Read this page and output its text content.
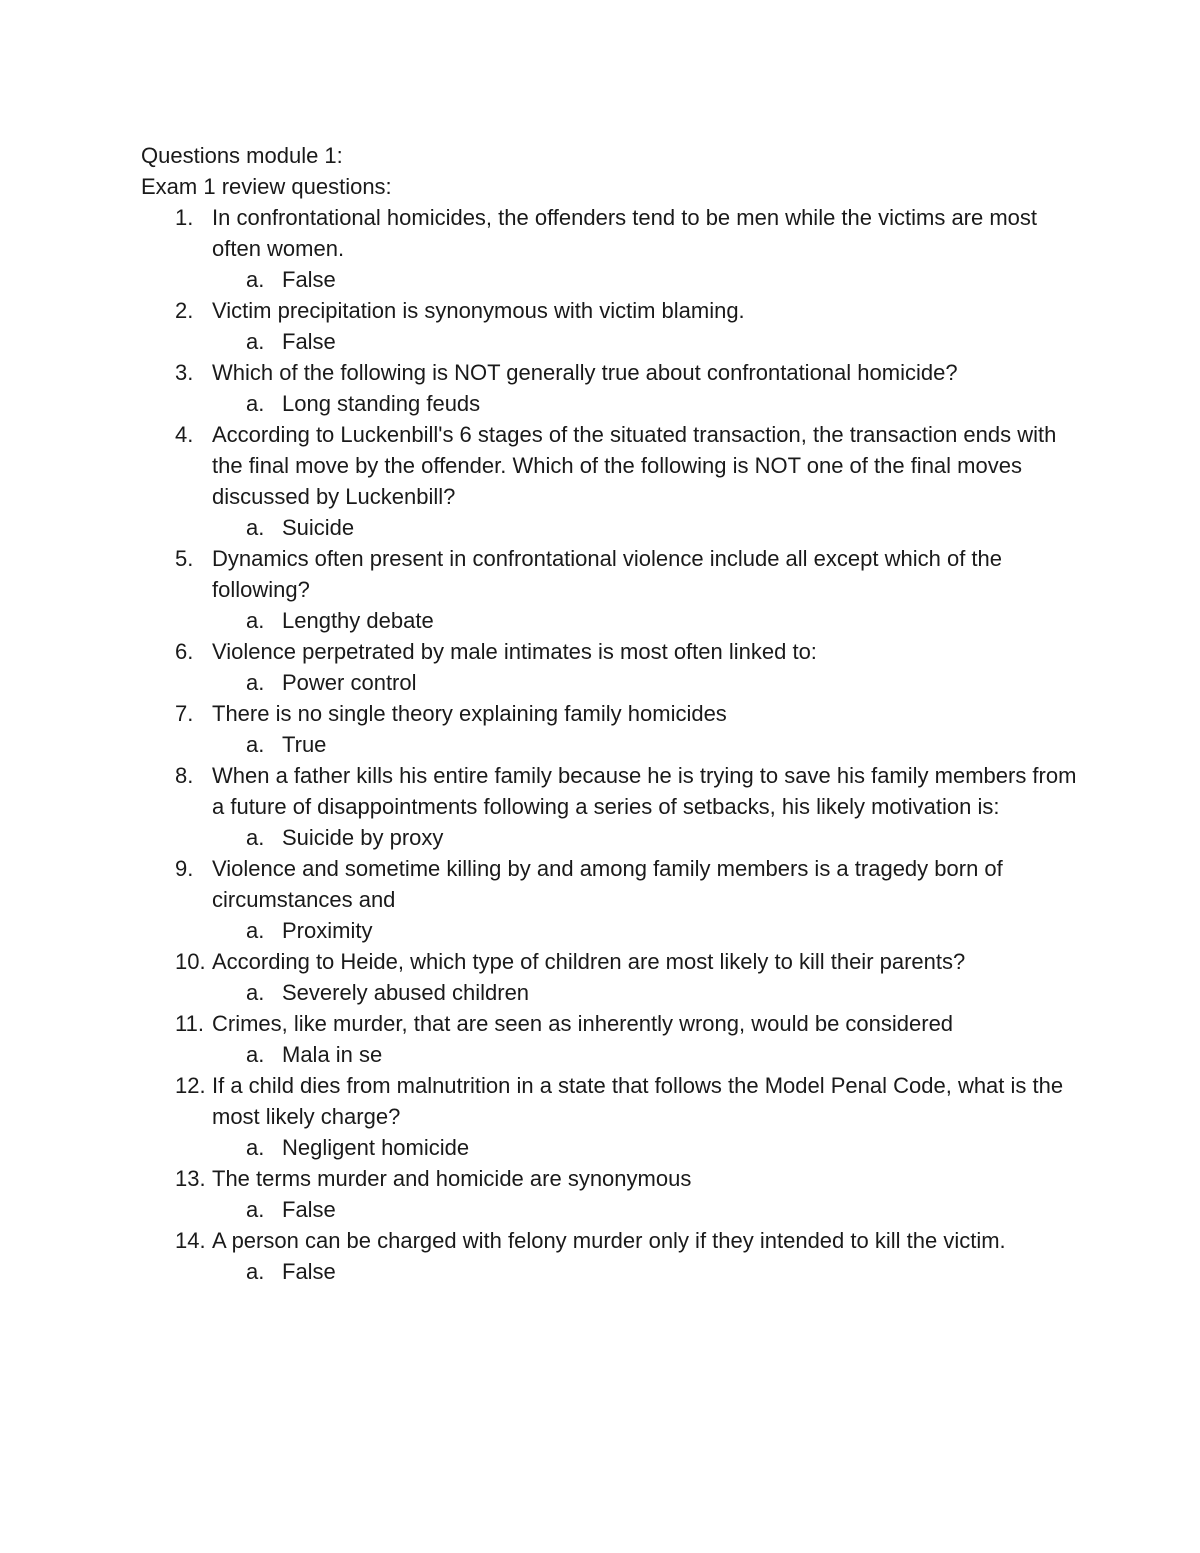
Questions module 1:

Exam 1 review questions:

1. In confrontational homicides, the offenders tend to be men while the victims are most often women.
a. False
2. Victim precipitation is synonymous with victim blaming.
a. False
3. Which of the following is NOT generally true about confrontational homicide?
a. Long standing feuds
4. According to Luckenbill's 6 stages of the situated transaction, the transaction ends with the final move by the offender. Which of the following is NOT one of the final moves discussed by Luckenbill?
a. Suicide
5. Dynamics often present in confrontational violence include all except which of the following?
a. Lengthy debate
6. Violence perpetrated by male intimates is most often linked to:
a. Power control
7. There is no single theory explaining family homicides
a. True
8. When a father kills his entire family because he is trying to save his family members from a future of disappointments following a series of setbacks, his likely motivation is:
a. Suicide by proxy
9. Violence and sometime killing by and among family members is a tragedy born of circumstances and
a. Proximity
10. According to Heide, which type of children are most likely to kill their parents?
a. Severely abused children
11. Crimes, like murder, that are seen as inherently wrong, would be considered
a. Mala in se
12. If a child dies from malnutrition in a state that follows the Model Penal Code, what is the most likely charge?
a. Negligent homicide
13. The terms murder and homicide are synonymous
a. False
14. A person can be charged with felony murder only if they intended to kill the victim.
a. False
